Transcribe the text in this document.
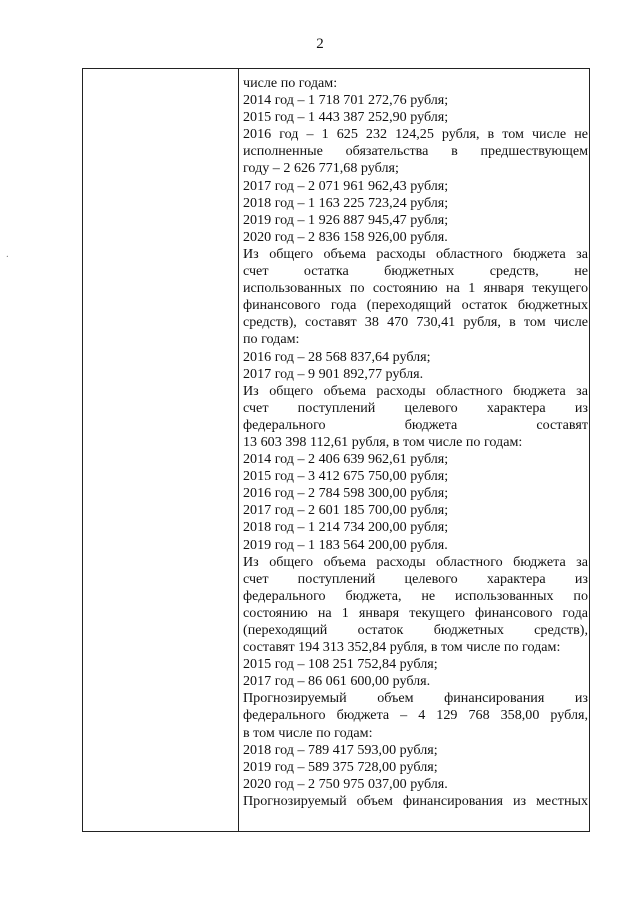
2
.
числе по годам:
2014 год – 1 718 701 272,76 рубля;
2015 год – 1 443 387 252,90 рубля;
2016 год – 1 625 232 124,25 рубля, в том числе не
исполненные обязательства в предшествующем
году – 2 626 771,68 рубля;
2017 год – 2 071 961 962,43 рубля;
2018 год – 1 163 225 723,24 рубля;
2019 год – 1 926 887 945,47 рубля;
2020 год – 2 836 158 926,00 рубля.
Из общего объема расходы областного бюджета за
счет остатка бюджетных средств, не
использованных по состоянию на 1 января текущего
финансового года (переходящий остаток бюджетных
средств), составят 38 470 730,41 рубля, в том числе
по годам:
2016 год – 28 568 837,64 рубля;
2017 год – 9 901 892,77 рубля.
Из общего объема расходы областного бюджета за
счет поступлений целевого характера из
федерального бюджета составят
13 603 398 112,61 рубля, в том числе по годам:
2014 год – 2 406 639 962,61 рубля;
2015 год – 3 412 675 750,00 рубля;
2016 год – 2 784 598 300,00 рубля;
2017 год – 2 601 185 700,00 рубля;
2018 год – 1 214 734 200,00 рубля;
2019 год – 1 183 564 200,00 рубля.
Из общего объема расходы областного бюджета за
счет поступлений целевого характера из
федерального бюджета, не использованных по
состоянию на 1 января текущего финансового года
(переходящий остаток бюджетных средств),
составят 194 313 352,84 рубля, в том числе по годам:
2015 год – 108 251 752,84 рубля;
2017 год – 86 061 600,00 рубля.
Прогнозируемый объем финансирования из
федерального бюджета – 4 129 768 358,00 рубля,
в том числе по годам:
2018 год – 789 417 593,00 рубля;
2019 год – 589 375 728,00 рубля;
2020 год – 2 750 975 037,00 рубля.
Прогнозируемый объем финансирования из местных
